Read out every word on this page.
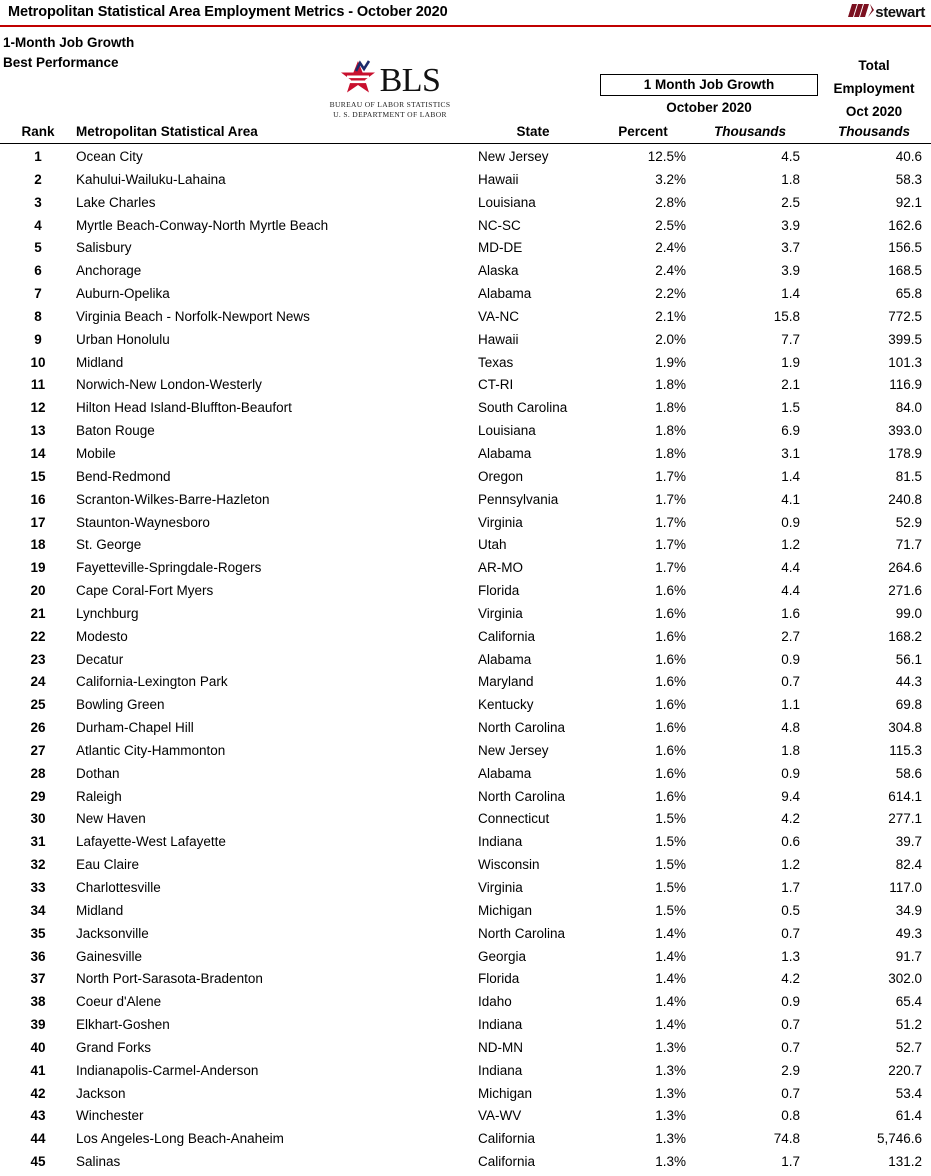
Metropolitan Statistical Area Employment Metrics - October 2020	stewart
1-Month Job Growth
Best Performance	BLS
BUREAU OF LABOR STATISTICS
U. S. DEPARTMENT OF LABOR
1 Month Job Growth
October 2020
Total
Employment
Oct 2020
Rank Metropolitan Statistical Area	State	Percent	Thousands	Thousands
1	Ocean City	New Jersey	12.5%	4.5	40.6
2	Kahului-Wailuku-Lahaina	Hawaii	3.2%	1.8	58.3
3	Lake Charles	Louisiana	2.8%	2.5	92.1
4	Myrtle Beach-Conway-North Myrtle Beach	NC-SC	2.5%	3.9	162.6
5	Salisbury	MD-DE	2.4%	3.7	156.5
6	Anchorage	Alaska	2.4%	3.9	168.5
7	Auburn-Opelika	Alabama	2.2%	1.4	65.8
8	Virginia Beach - Norfolk-Newport News	VA-NC	2.1%	15.8	772.5
9	Urban Honolulu	Hawaii	2.0%	7.7	399.5
10	Midland	Texas	1.9%	1.9	101.3
11	Norwich-New London-Westerly	CT-RI	1.8%	2.1	116.9
12	Hilton Head Island-Bluffton-Beaufort	South Carolina	1.8%	1.5	84.0
13	Baton Rouge	Louisiana	1.8%	6.9	393.0
14	Mobile	Alabama	1.8%	3.1	178.9
15	Bend-Redmond	Oregon	1.7%	1.4	81.5
16	Scranton-Wilkes-Barre-Hazleton	Pennsylvania	1.7%	4.1	240.8
17	Staunton-Waynesboro	Virginia	1.7%	0.9	52.9
18	St. George	Utah	1.7%	1.2	71.7
19	Fayetteville-Springdale-Rogers	AR-MO	1.7%	4.4	264.6
20	Cape Coral-Fort Myers	Florida	1.6%	4.4	271.6
21	Lynchburg	Virginia	1.6%	1.6	99.0
22	Modesto	California	1.6%	2.7	168.2
23	Decatur	Alabama	1.6%	0.9	56.1
24	California-Lexington Park	Maryland	1.6%	0.7	44.3
25	Bowling Green	Kentucky	1.6%	1.1	69.8
26	Durham-Chapel Hill	North Carolina	1.6%	4.8	304.8
27	Atlantic City-Hammonton	New Jersey	1.6%	1.8	115.3
28	Dothan	Alabama	1.6%	0.9	58.6
29	Raleigh	North Carolina	1.6%	9.4	614.1
30	New Haven	Connecticut	1.5%	4.2	277.1
31	Lafayette-West Lafayette	Indiana	1.5%	0.6	39.7
32	Eau Claire	Wisconsin	1.5%	1.2	82.4
33	Charlottesville	Virginia	1.5%	1.7	117.0
34	Midland	Michigan	1.5%	0.5	34.9
35	Jacksonville	North Carolina	1.4%	0.7	49.3
36	Gainesville	Georgia	1.4%	1.3	91.7
37	North Port-Sarasota-Bradenton	Florida	1.4%	4.2	302.0
38	Coeur d'Alene	Idaho	1.4%	0.9	65.4
39	Elkhart-Goshen	Indiana	1.4%	0.7	51.2
40	Grand Forks	ND-MN	1.3%	0.7	52.7
41	Indianapolis-Carmel-Anderson	Indiana	1.3%	2.9	220.7
42	Jackson	Michigan	1.3%	0.7	53.4
43	Winchester	VA-WV	1.3%	0.8	61.4
44	Los Angeles-Long Beach-Anaheim	California	1.3%	74.8	5,746.6
45	Salinas	California	1.3%	1.7	131.2
